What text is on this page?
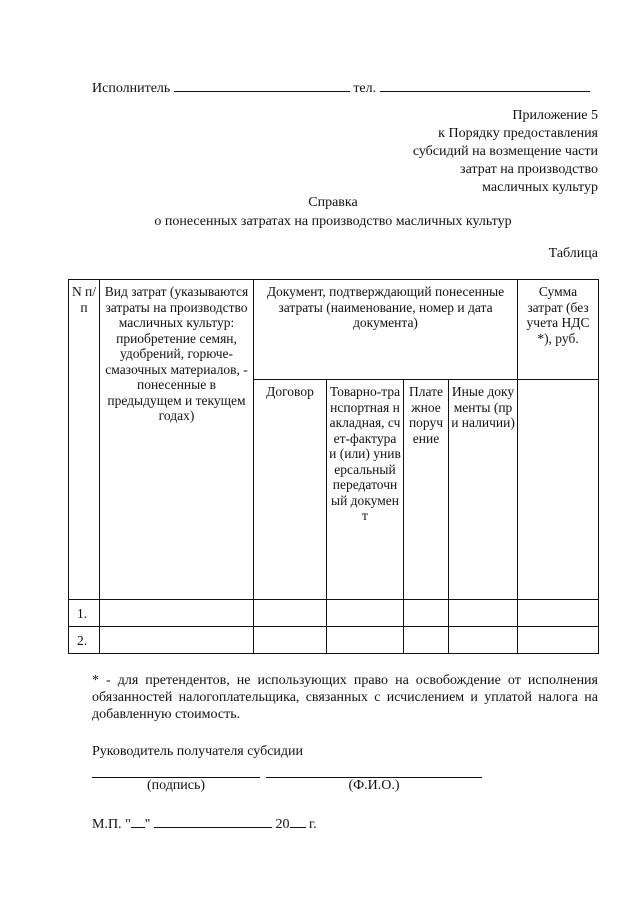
Исполнитель	тел.
Приложение 5
к Порядку предоставления
субсидий на возмещение части
затрат на производство
масличных культур
Справка
о понесенных затратах на производство масличных культур
Таблица
N п/п	Вид затрат (указываются затраты на производство масличных культур: приобретение семян, удобрений, горюче-смазочных материалов, - понесенные в предыдущем и текущем годах)	Документ, подтверждающий понесенные затраты (наименование, номер и дата документа)				Сумма затрат (без учета НДС *), руб.
		Договор	Товарно-транспортная накладная, счет-фактура и (или) универсальный передаточный документ	Платежное поручение	Иные документы (при наличии)	
1.						
2.						
* - для претендентов, не использующих право на освобождение от исполнения обязанностей налогоплательщика, связанных с исчислением и уплатой налога на добавленную стоимость.
Руководитель получателя субсидии
(подпись)	(Ф.И.О.)
М.П. " "	20 г.
